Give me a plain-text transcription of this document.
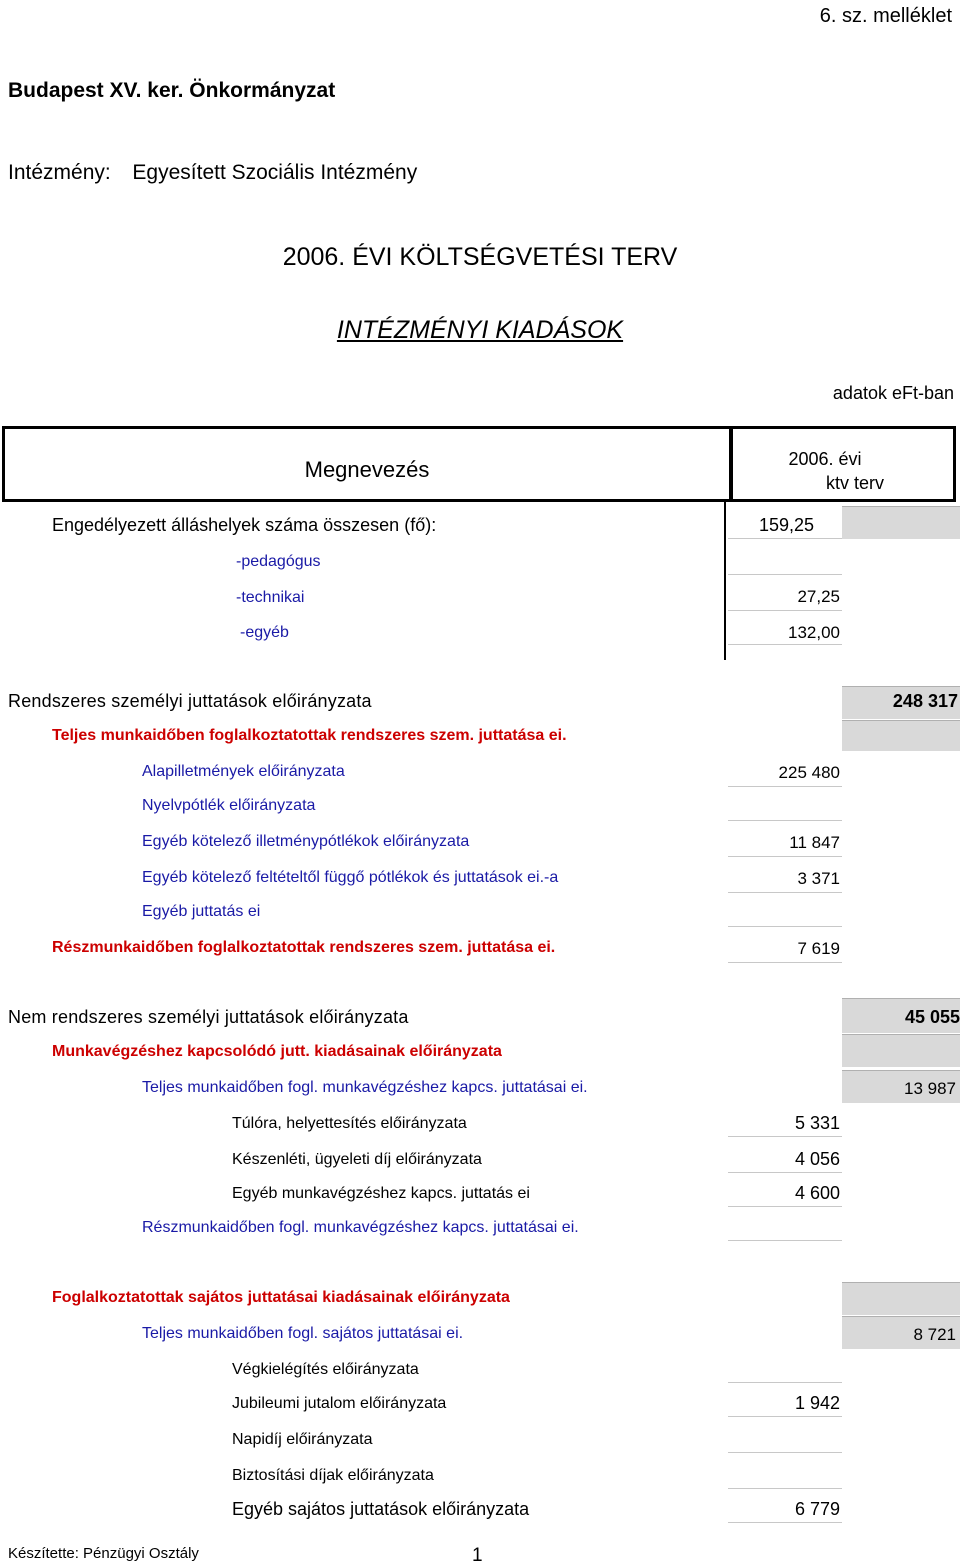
6. sz. melléklet
Budapest XV. ker. Önkormányzat
Intézmény: Egyesített Szociális Intézmény
2006. ÉVI KÖLTSÉGVETÉSI TERV
INTÉZMÉNYI KIADÁSOK
adatok eFt-ban
Megnevezés	2006. évi
ktv terv
Engedélyezett álláshelyek száma összesen (fő):	159,25
-pedagógus
-technikai	27,25
-egyéb	132,00
Rendszeres személyi juttatások előirányzata	248 317
Teljes munkaidőben foglalkoztatottak rendszeres szem. juttatása ei.
Alapilletmények előirányzata	225 480
Nyelvpótlék előirányzata
Egyéb kötelező illetménypótlékok előirányzata	11 847
Egyéb kötelező feltételtől függő pótlékok és juttatások ei.-a	3 371
Egyéb juttatás ei
Részmunkaidőben foglalkoztatottak rendszeres szem. juttatása ei.	7 619
Nem rendszeres személyi juttatások előirányzata	45 055
Munkavégzéshez kapcsolódó jutt. kiadásainak előirányzata
Teljes munkaidőben fogl. munkavégzéshez kapcs. juttatásai ei.	13 987
Túlóra, helyettesítés előirányzata	5 331
Készenléti, ügyeleti díj előirányzata	4 056
Egyéb munkavégzéshez kapcs. juttatás ei	4 600
Részmunkaidőben fogl. munkavégzéshez kapcs. juttatásai ei.
Foglalkoztatottak sajátos juttatásai kiadásainak előirányzata
Teljes munkaidőben fogl. sajátos juttatásai ei.	8 721
Végkielégítés előirányzata
Jubileumi jutalom előirányzata	1 942
Napidíj előirányzata
Biztosítási díjak előirányzata
Egyéb sajátos juttatások előirányzata	6 779
Készítette: Pénzügyi Osztály	1
